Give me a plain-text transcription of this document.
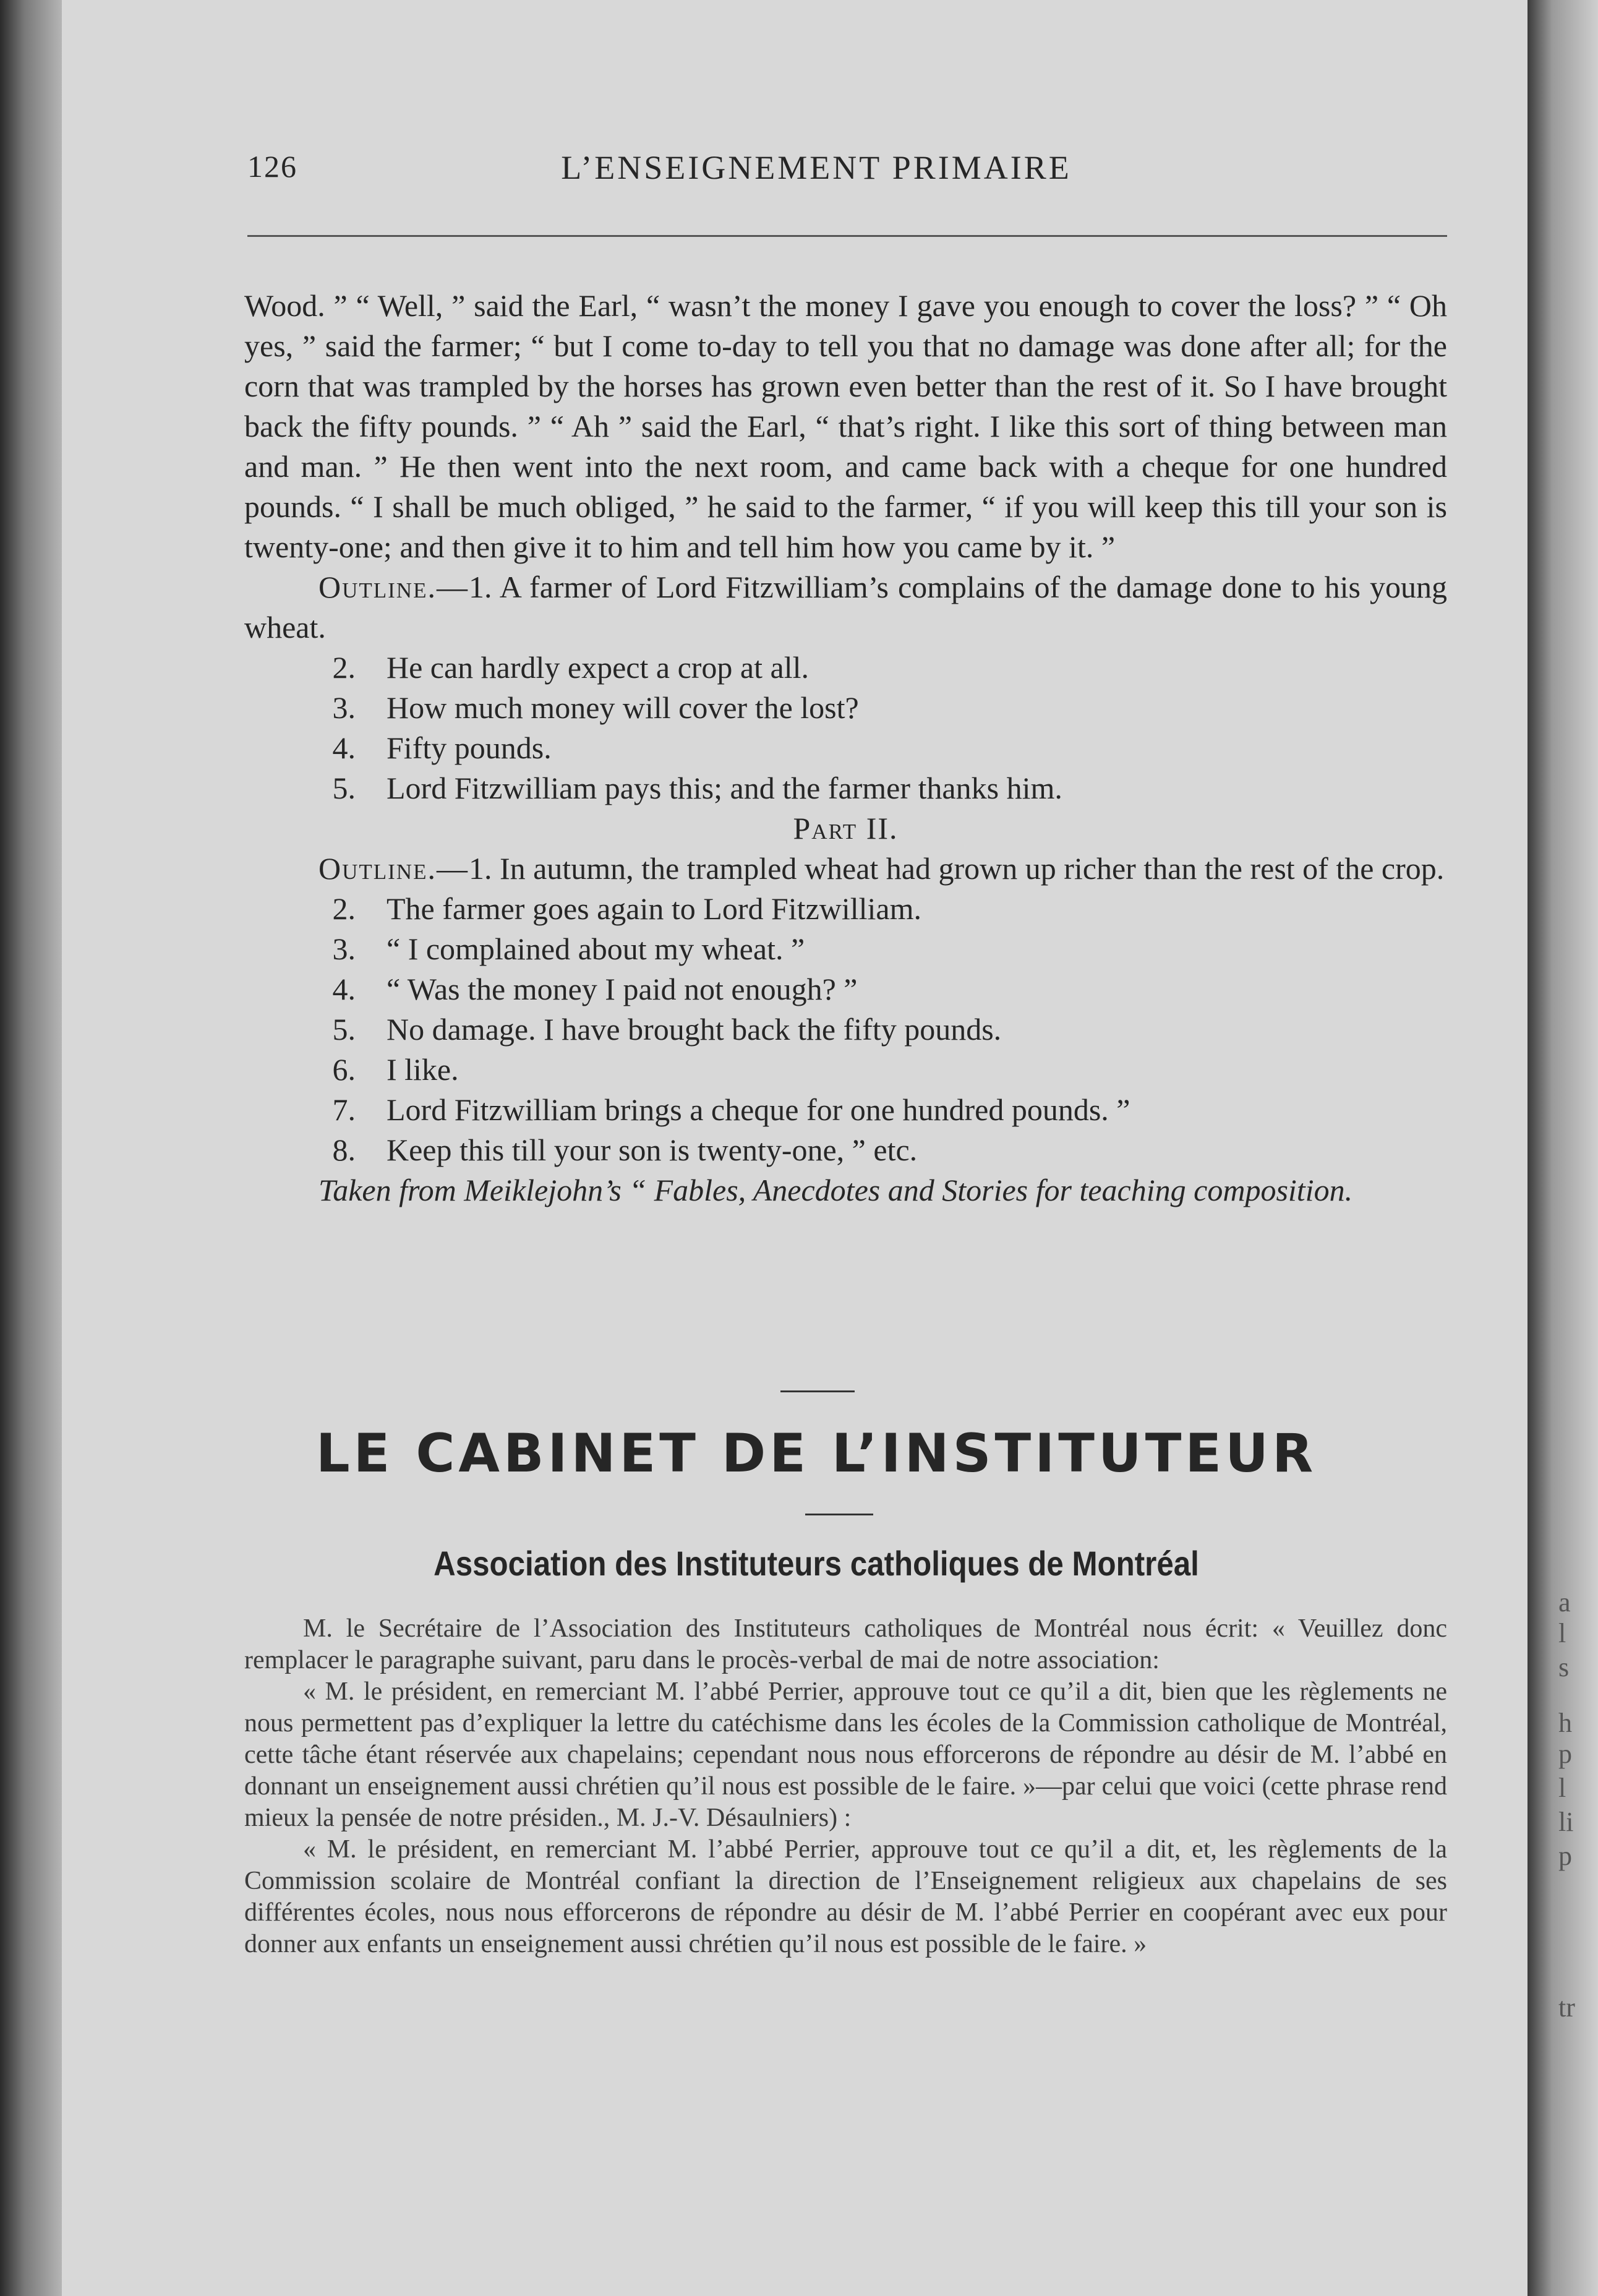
a
l
s
h
p
l
li
p
tr
126	L’ENSEIGNEMENT PRIMAIRE

Wood. ” “ Well, ” said the Earl, “ wasn’t the money I gave you enough to cover the loss? ” “ Oh yes, ” said the farmer; “ but I come to-day to tell you that no damage was done after all; for the corn that was trampled by the horses has grown even better than the rest of it. So I have brought back the fifty pounds. ” “ Ah ” said the Earl, “ that’s right. I like this sort of thing between man and man. ” He then went into the next room, and came back with a cheque for one hundred pounds. “ I shall be much obliged, ” he said to the farmer, “ if you will keep this till your son is twenty-one; and then give it to him and tell him how you came by it. ”

Outline.—1. A farmer of Lord Fitzwilliam’s complains of the damage done to his young wheat.

2. He can hardly expect a crop at all.
3. How much money will cover the lost?
4. Fifty pounds.
5. Lord Fitzwilliam pays this; and the farmer thanks him.

Part II.

Outline.—1. In autumn, the trampled wheat had grown up richer than the rest of the crop.

2. The farmer goes again to Lord Fitzwilliam.
3. “ I complained about my wheat. ”
4. “ Was the money I paid not enough? ”
5. No damage. I have brought back the fifty pounds.
6. I like.
7. Lord Fitzwilliam brings a cheque for one hundred pounds. ”
8. Keep this till your son is twenty-one, ” etc.

Taken from Meiklejohn’s “ Fables, Anecdotes and Stories for teaching composition.

LE CABINET DE L’INSTITUTEUR
Association des Instituteurs catholiques de Montréal

M. le Secrétaire de l’Association des Instituteurs catholiques de Montréal nous écrit: « Veuillez donc remplacer le paragraphe suivant, paru dans le procès-verbal de mai de notre association:

« M. le président, en remerciant M. l’abbé Perrier, approuve tout ce qu’il a dit, bien que les règlements ne nous permettent pas d’expliquer la lettre du catéchisme dans les écoles de la Commission catholique de Montréal, cette tâche étant réservée aux chapelains; cependant nous nous efforcerons de répondre au désir de M. l’abbé en donnant un enseignement aussi chrétien qu’il nous est possible de le faire. »—par celui que voici (cette phrase rend mieux la pensée de notre présiden., M. J.-V. Désaulniers) :

« M. le président, en remerciant M. l’abbé Perrier, approuve tout ce qu’il a dit, et, les règlements de la Commission scolaire de Montréal confiant la direction de l’Enseignement religieux aux chapelains de ses différentes écoles, nous nous efforcerons de répondre au désir de M. l’abbé Perrier en coopérant avec eux pour donner aux enfants un enseignement aussi chrétien qu’il nous est possible de le faire. »
